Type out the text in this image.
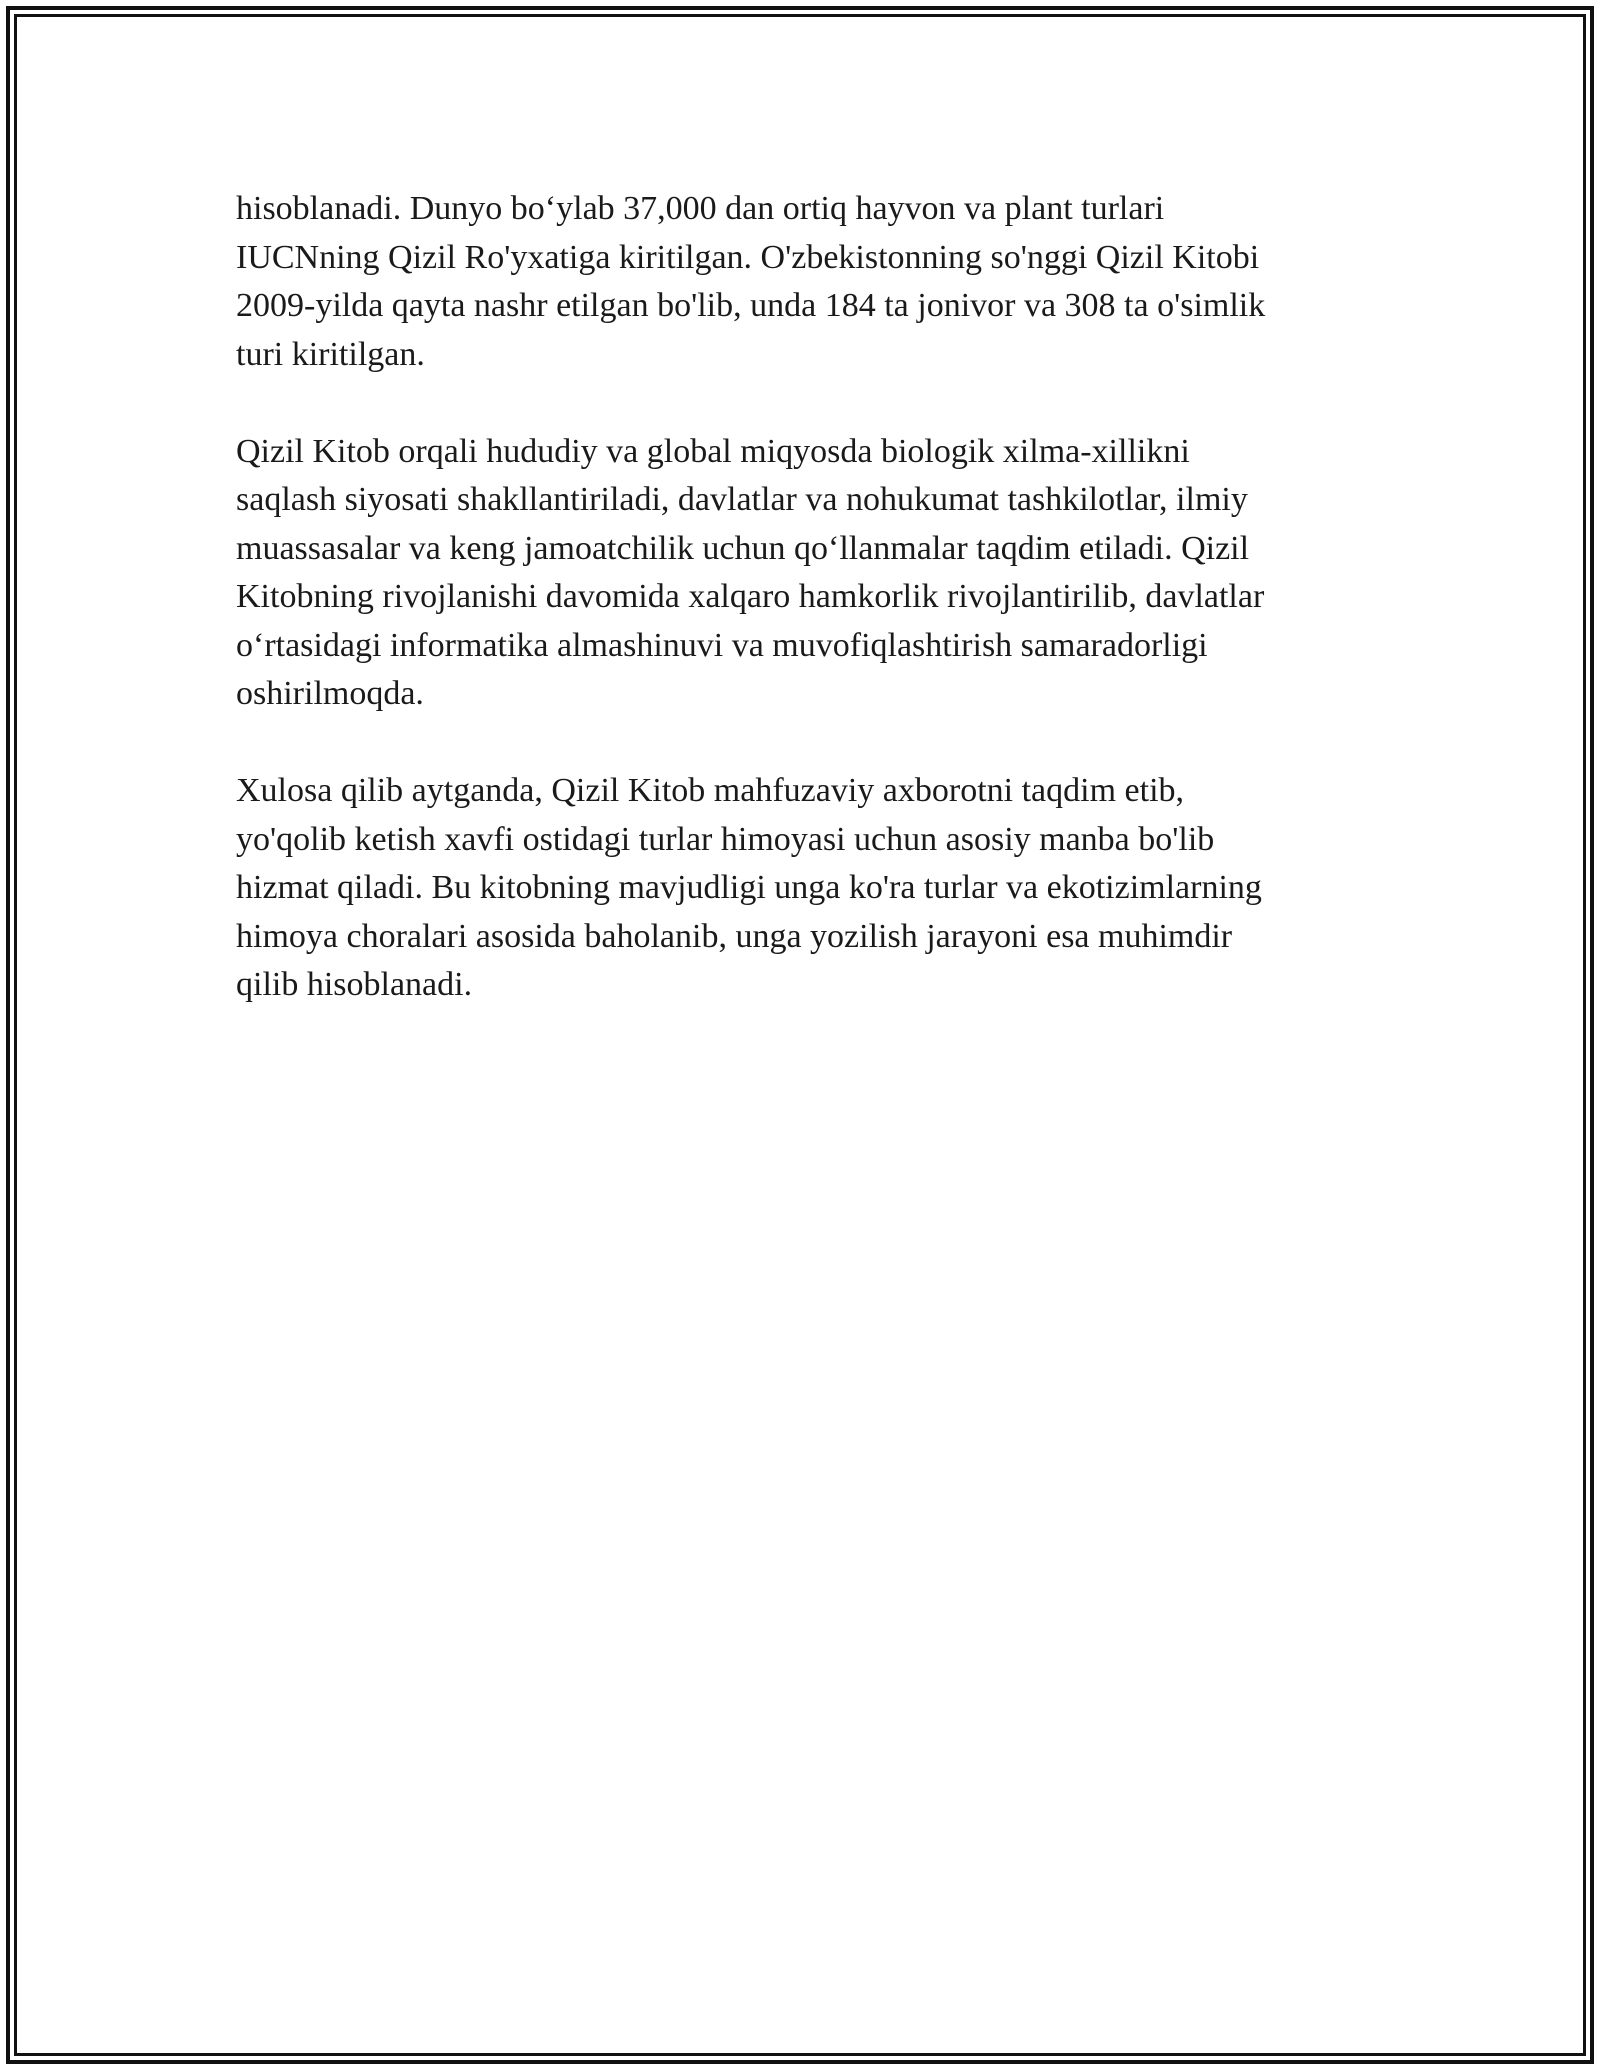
hisoblanadi. Dunyo bo‘ylab 37,000 dan ortiq hayvon va plant turlari
IUCNning Qizil Ro'yxatiga kiritilgan. O'zbekistonning so'nggi Qizil Kitobi
2009-yilda qayta nashr etilgan bo'lib, unda 184 ta jonivor va 308 ta o'simlik
turi kiritilgan.

Qizil Kitob orqali hududiy va global miqyosda biologik xilma-xillikni
saqlash siyosati shakllantiriladi, davlatlar va nohukumat tashkilotlar, ilmiy
muassasalar va keng jamoatchilik uchun qo‘llanmalar taqdim etiladi. Qizil
Kitobning rivojlanishi davomida xalqaro hamkorlik rivojlantirilib, davlatlar
o‘rtasidagi informatika almashinuvi va muvofiqlashtirish samaradorligi
oshirilmoqda.

Xulosa qilib aytganda, Qizil Kitob mahfuzaviy axborotni taqdim etib,
yo'qolib ketish xavfi ostidagi turlar himoyasi uchun asosiy manba bo'lib
hizmat qiladi. Bu kitobning mavjudligi unga ko'ra turlar va ekotizimlarning
himoya choralari asosida baholanib, unga yozilish jarayoni esa muhimdir
qilib hisoblanadi.
